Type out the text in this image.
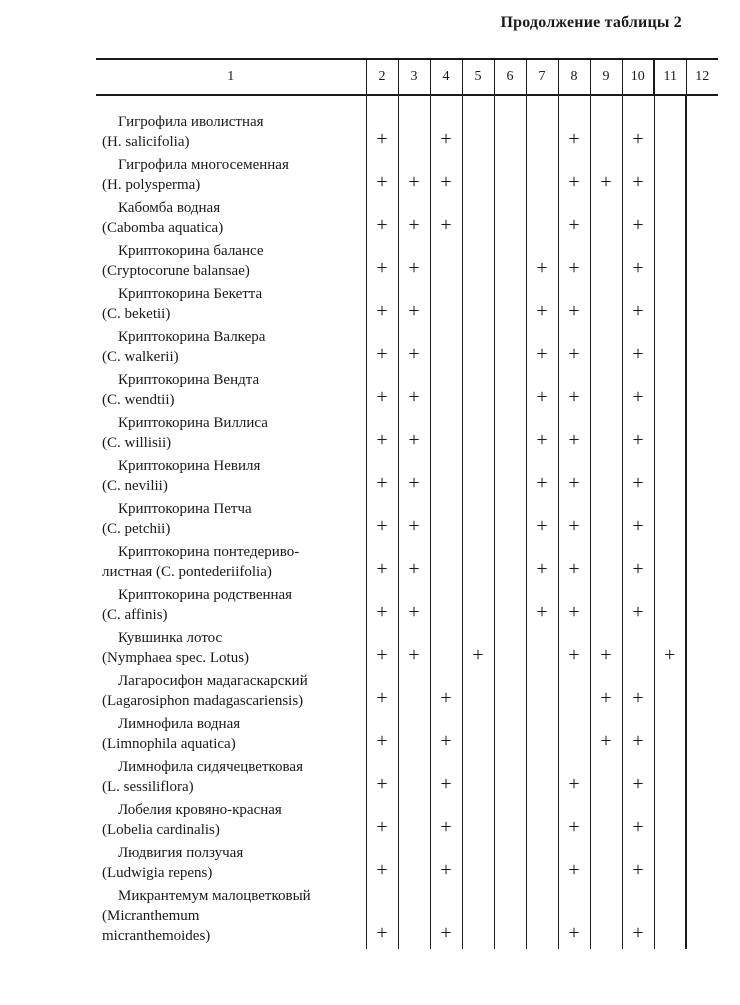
Продолжение таблицы 2
1	2	3	4	5	6	7	8	9	10	11	12

Гигрофила иволистная
(H. salicifolia)	+		+				+		+		

Гигрофила многосеменная
(H. polysperma)	+	+	+				+	+	+		

Кабомба водная
(Cabomba aquatica)	+	+	+				+		+		

Криптокорина балансе
(Cryptocorune balansae)	+	+				+	+		+		

Криптокорина Бекетта
(C. beketii)	+	+				+	+		+		

Криптокорина Валкера
(C. walkerii)	+	+				+	+		+		

Криптокорина Вендта
(C. wendtii)	+	+				+	+		+		

Криптокорина Виллиса
(C. willisii)	+	+				+	+		+		

Криптокорина Невиля
(C. nevilii)	+	+				+	+		+		

Криптокорина Петча
(C. petchii)	+	+				+	+		+		

Криптокорина понтедериво-
листная (C. pontederiifolia)	+	+				+	+		+		

Криптокорина родственная
(C. affinis)	+	+				+	+		+		

Кувшинка лотос
(Nymphaea spec. Lotus)	+	+		+			+	+		+	

Лагаросифон мадагаскарский
(Lagarosiphon madagascariensis)	+		+					+	+		

Лимнофила водная
(Limnophila aquatica)	+		+					+	+		

Лимнофила сидячецветковая
(L. sessiliflora)	+		+				+		+		

Лобелия кровяно-красная
(Lobelia cardinalis)	+		+				+		+		

Людвигия ползучая
(Ludwigia repens)	+		+				+		+		

Микрантемум малоцветковый
(Micranthemum
micranthemoides)	+		+				+		+		
